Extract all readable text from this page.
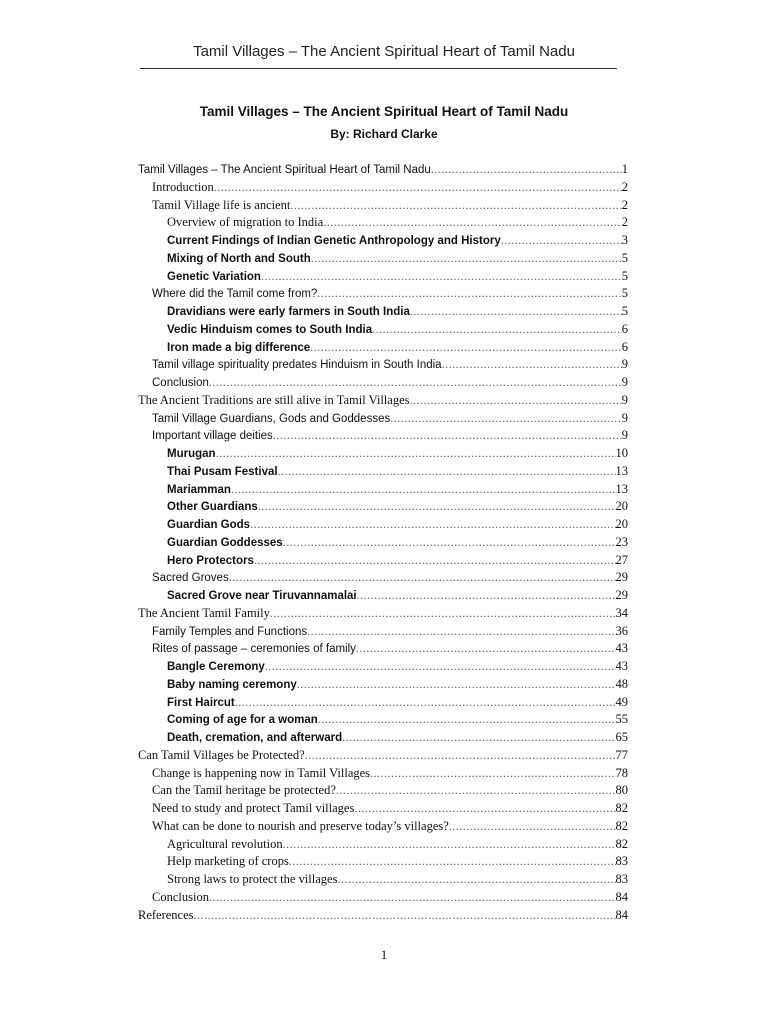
Tamil Villages – The Ancient Spiritual Heart of Tamil Nadu
Tamil Villages – The Ancient Spiritual Heart of Tamil Nadu
By: Richard Clarke
Tamil Villages – The Ancient Spiritual Heart of Tamil Nadu .....	1
Introduction .....	2
Tamil Village life is ancient .....	2
Overview of migration to India .....	2
Current Findings of Indian Genetic Anthropology and History .....	3
Mixing of North and South .....	5
Genetic Variation .....	5
Where did the Tamil come from? .....	5
Dravidians were early farmers in South India .....	5
Vedic Hinduism comes to South India .....	6
Iron made a big difference .....	6
Tamil village spirituality predates Hinduism in South India .....	9
Conclusion .....	9
The Ancient Traditions are still alive in Tamil Villages .....	9
Tamil Village Guardians, Gods and Goddesses .....	9
Important village deities .....	9
Murugan .....	10
Thai Pusam Festival .....	13
Mariamman .....	13
Other Guardians .....	20
Guardian Gods .....	20
Guardian Goddesses .....	23
Hero Protectors .....	27
Sacred Groves .....	29
Sacred Grove near Tiruvannamalai .....	29
The Ancient Tamil Family .....	34
Family Temples and Functions .....	36
Rites of passage – ceremonies of family .....	43
Bangle Ceremony .....	43
Baby naming ceremony .....	48
First Haircut .....	49
Coming of age for a woman .....	55
Death, cremation, and afterward .....	65
Can Tamil Villages be Protected? .....	77
Change is happening now in Tamil Villages .....	78
Can the Tamil heritage be protected? .....	80
Need to study and protect Tamil villages .....	82
What can be done to nourish and preserve today’s villages? .....	82
Agricultural revolution .....	82
Help marketing of crops .....	83
Strong laws to protect the villages .....	83
Conclusion .....	84
References .....	84
1
